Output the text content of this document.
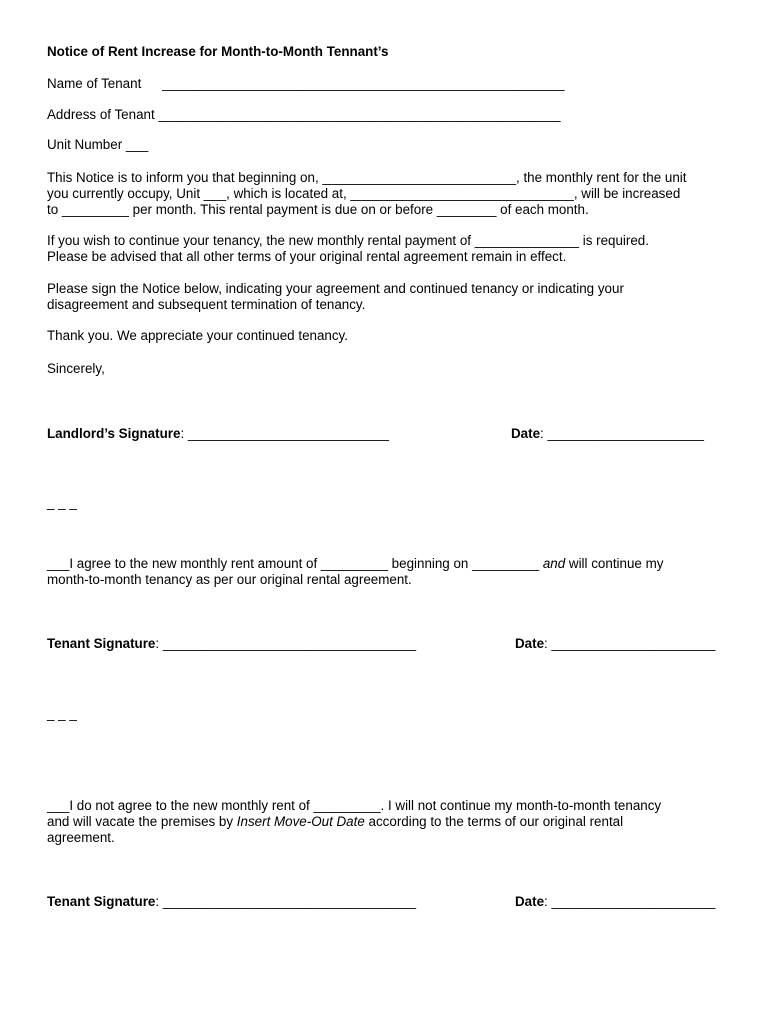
Notice of Rent Increase for Month-to-Month Tennant’s
Name of Tenant ______________________________________________________
Address of Tenant ______________________________________________________
Unit Number ___
This Notice is to inform you that beginning on, __________________________, the monthly rent for the unit
you currently occupy, Unit ___, which is located at, ______________________________, will be increased
to _________ per month. This rental payment is due on or before ________ of each month.
If you wish to continue your tenancy, the new monthly rental payment of ______________ is required.
Please be advised that all other terms of your original rental agreement remain in effect.
Please sign the Notice below, indicating your agreement and continued tenancy or indicating your
disagreement and subsequent termination of tenancy.
Thank you. We appreciate your continued tenancy.
Sincerely,
Landlord’s Signature: ___________________________	Date: _____________________
_ _ _
___I agree to the new monthly rent amount of _________ beginning on _________ and will continue my
month-to-month tenancy as per our original rental agreement.
Tenant Signature: __________________________________	Date: ______________________
_ _ _
___I do not agree to the new monthly rent of _________. I will not continue my month-to-month tenancy
and will vacate the premises by Insert Move-Out Date according to the terms of our original rental
agreement.
Tenant Signature: __________________________________	Date: ______________________
